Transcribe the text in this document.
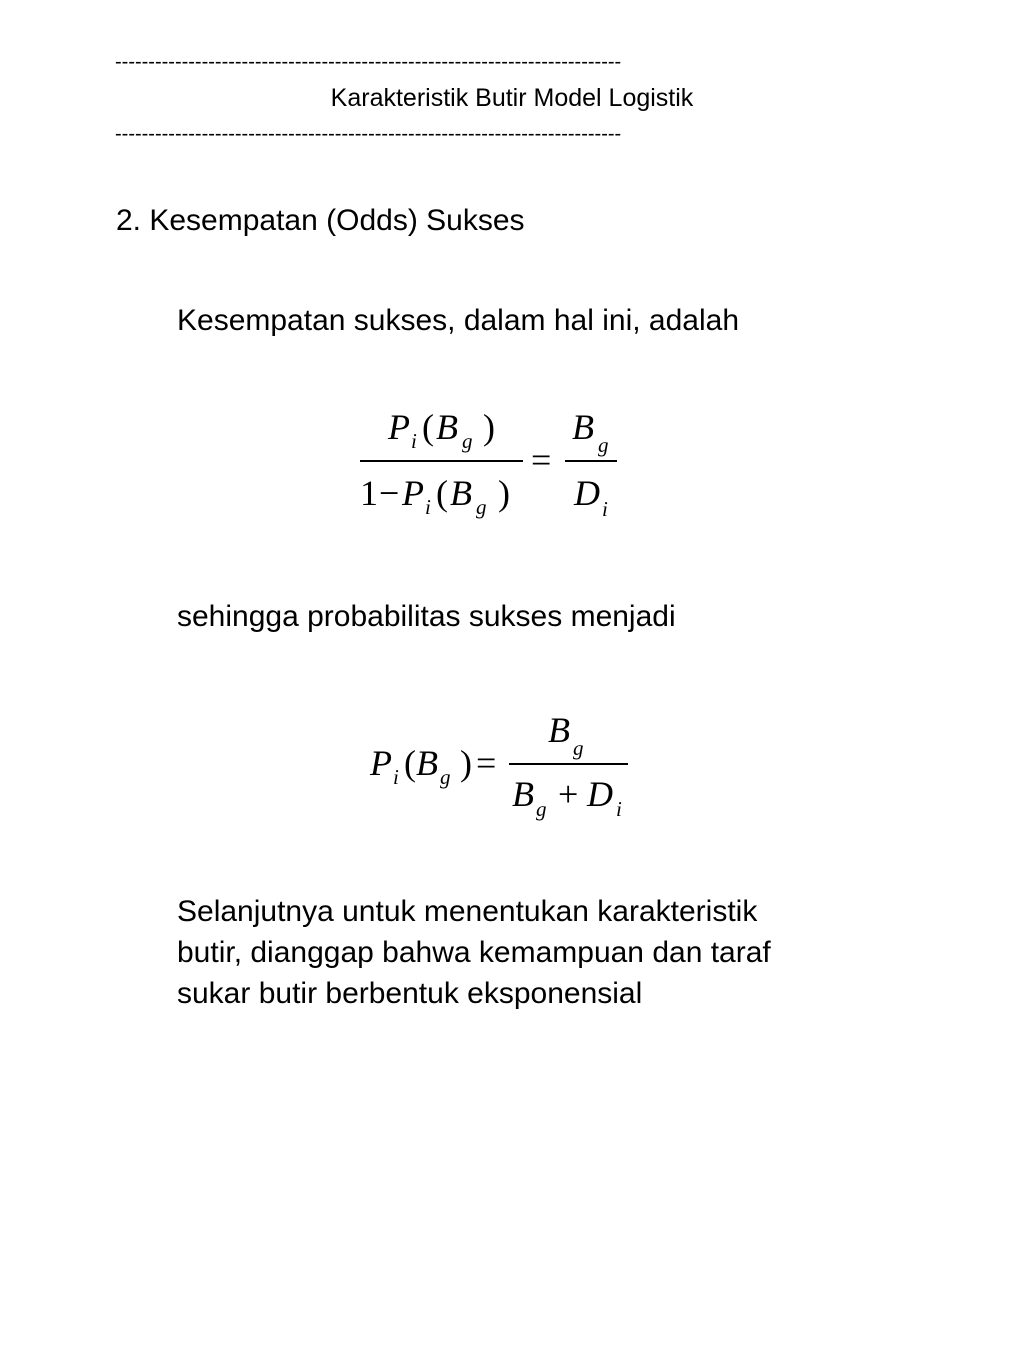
----------------------------------------------------------------------------
Karakteristik Butir Model Logistik
----------------------------------------------------------------------------
2. Kesempatan (Odds) Sukses
Kesempatan sukses, dalam hal ini, adalah
P i ( B g )
1 − P i ( B g )
=
B g
D i
sehingga probabilitas sukses menjadi
P i ( B g ) =
B g
B g + D i
Selanjutnya untuk menentukan karakteristik
butir, dianggap bahwa kemampuan dan taraf
sukar butir berbentuk eksponensial
